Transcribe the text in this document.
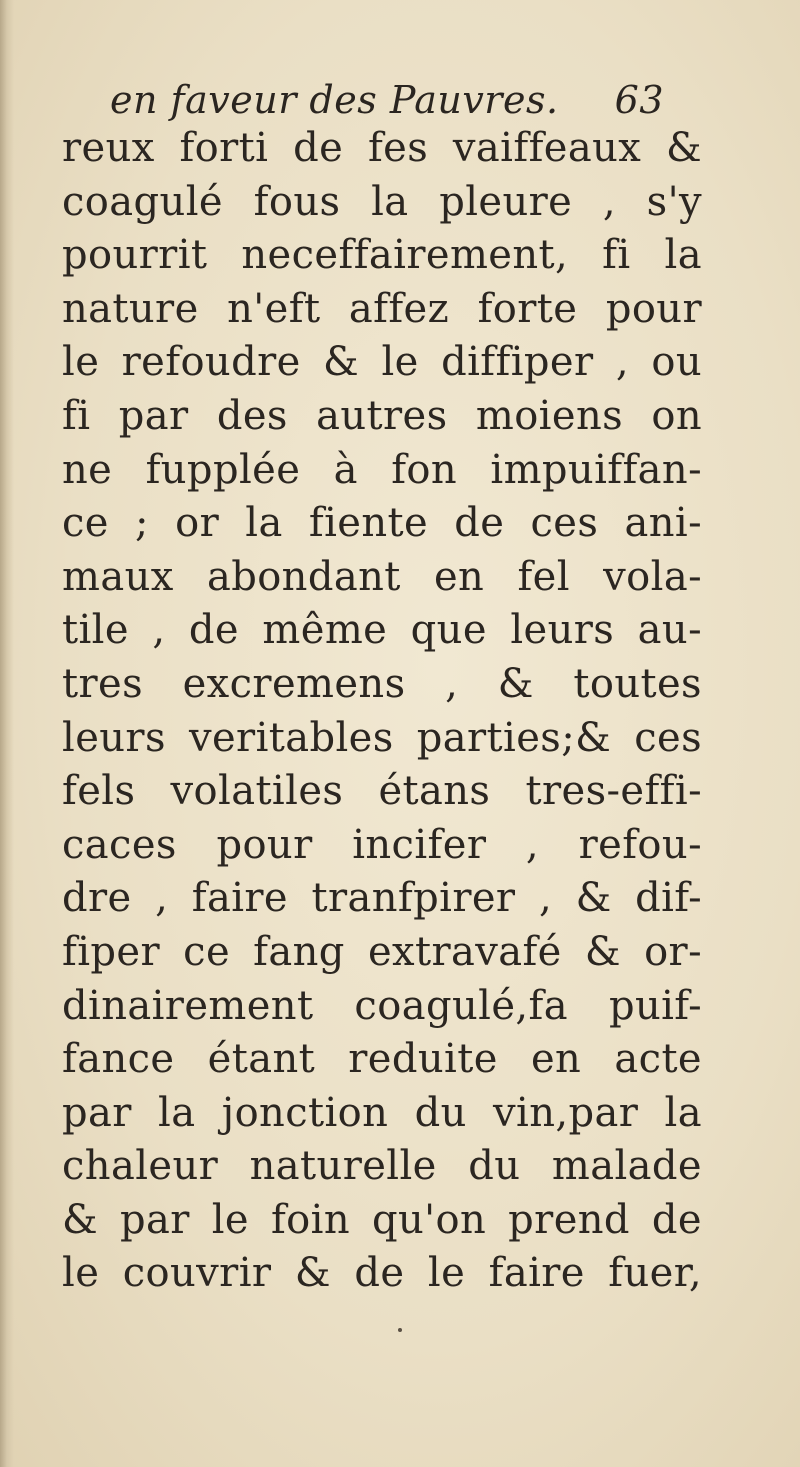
en faveur des Pauvres. 63
reux forti de fes vaiffeaux &
coagulé fous la pleure , s'y
pourrit neceffairement, fi la
nature n'eft affez forte pour
le refoudre & le diffiper , ou
fi par des autres moiens on
ne fupplée à fon impuiffan-
ce ; or la fiente de ces ani-
maux abondant en fel vola-
tile , de même que leurs au-
tres excremens , & toutes
leurs veritables parties;& ces
fels volatiles étans tres-effi-
caces pour incifer , refou-
dre , faire tranfpirer , & dif-
fiper ce fang extravafé & or-
dinairement coagulé,fa puif-
fance étant reduite en acte
par la jonction du vin,par la
chaleur naturelle du malade
& par le foin qu'on prend de
le couvrir & de le faire fuer,
